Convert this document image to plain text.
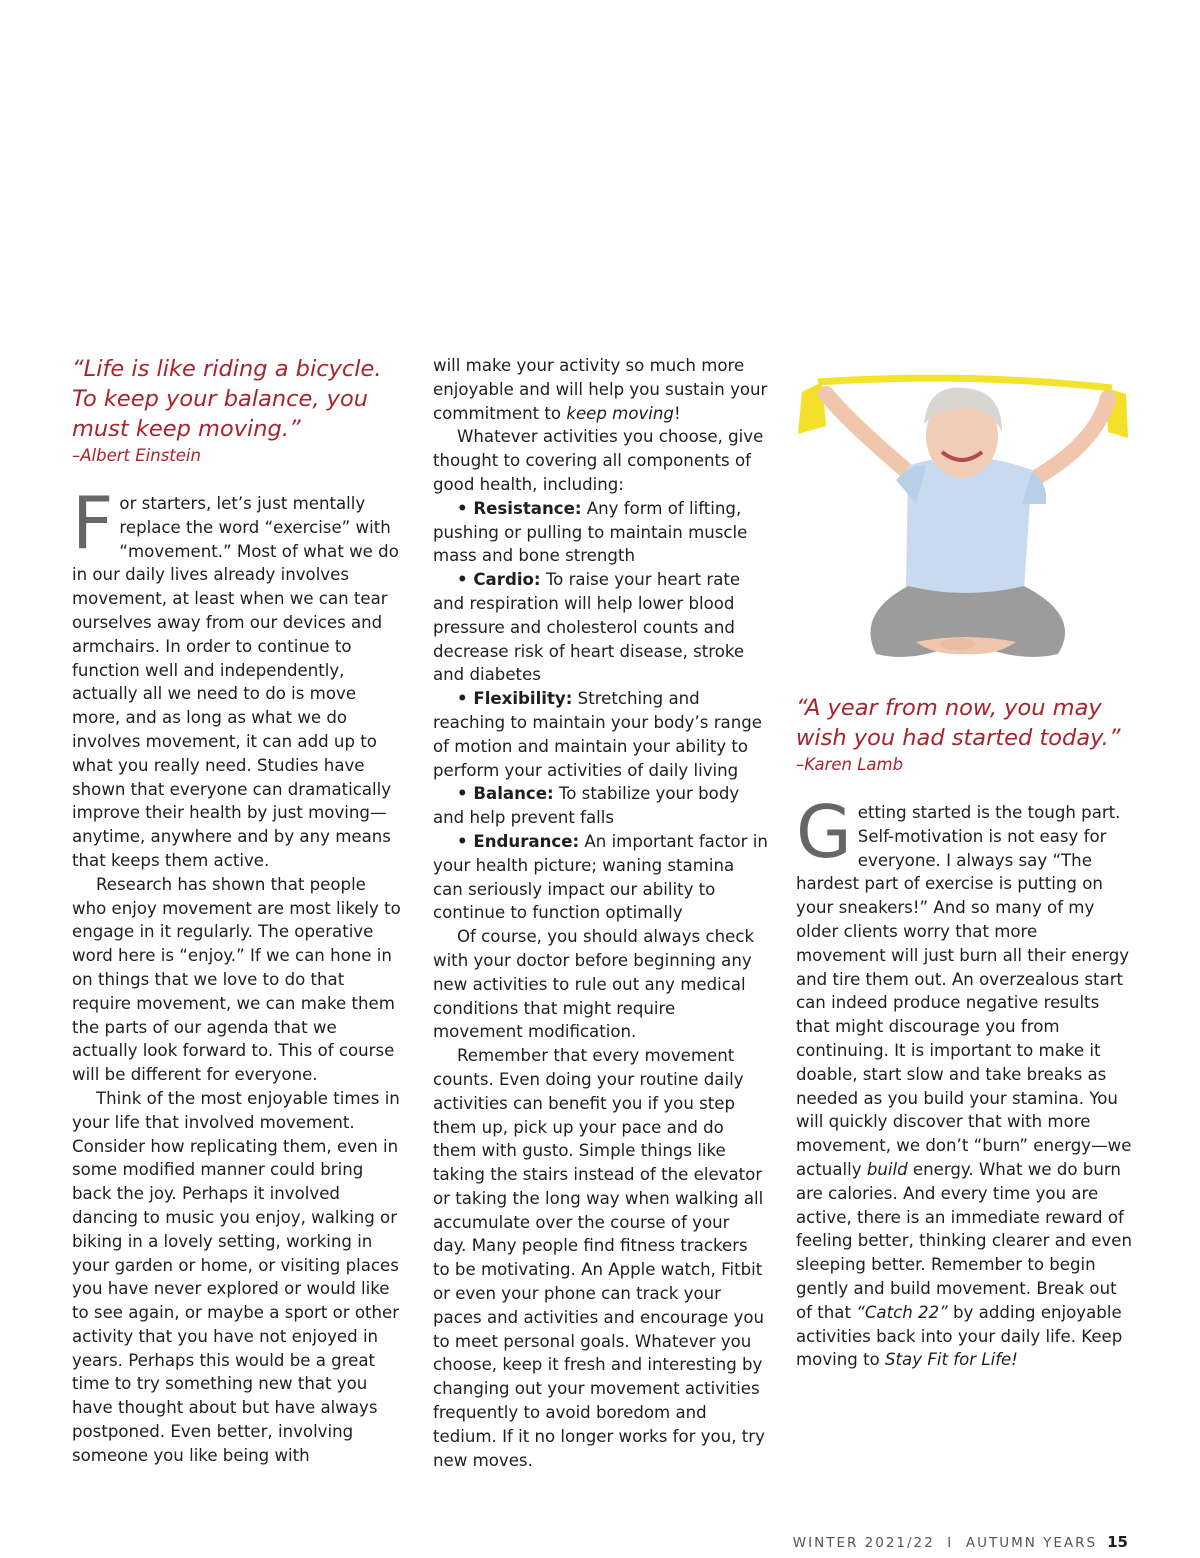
“Life is like riding a bicycle. To keep your balance, you must keep moving.”

–Albert Einstein

For starters, let’s just mentally replace the word “exercise” with “movement.” Most of what we do in our daily lives already involves movement, at least when we can tear ourselves away from our devices and armchairs. In order to continue to function well and independently, actually all we need to do is move more, and as long as what we do involves movement, it can add up to what you really need. Studies have shown that everyone can dramatically improve their health by just moving—anytime, anywhere and by any means that keeps them active.

Research has shown that people who enjoy movement are most likely to engage in it regularly. The operative word here is “enjoy.” If we can hone in on things that we love to do that require movement, we can make them the parts of our agenda that we actually look forward to. This of course will be different for everyone.

Think of the most enjoyable times in your life that involved movement. Consider how replicating them, even in some modified manner could bring back the joy. Perhaps it involved dancing to music you enjoy, walking or biking in a lovely setting, working in your garden or home, or visiting places you have never explored or would like to see again, or maybe a sport or other activity that you have not enjoyed in years. Perhaps this would be a great time to try something new that you have thought about but have always postponed. Even better, involving someone you like being with

will make your activity so much more enjoyable and will help you sustain your commitment to keep moving!

Whatever activities you choose, give thought to covering all components of good health, including:

• Resistance: Any form of lifting, pushing or pulling to maintain muscle mass and bone strength

• Cardio: To raise your heart rate and respiration will help lower blood pressure and cholesterol counts and decrease risk of heart disease, stroke and diabetes

• Flexibility: Stretching and reaching to maintain your body’s range of motion and maintain your ability to perform your activities of daily living

• Balance: To stabilize your body and help prevent falls

• Endurance: An important factor in your health picture; waning stamina can seriously impact our ability to continue to function optimally

Of course, you should always check with your doctor before beginning any new activities to rule out any medical conditions that might require movement modification.

Remember that every movement counts. Even doing your routine daily activities can benefit you if you step them up, pick up your pace and do them with gusto. Simple things like taking the stairs instead of the elevator or taking the long way when walking all accumulate over the course of your day. Many people find fitness trackers to be motivating. An Apple watch, Fitbit or even your phone can track your paces and activities and encourage you to meet personal goals. Whatever you choose, keep it fresh and interesting by changing out your movement activities frequently to avoid boredom and tedium. If it no longer works for you, try new moves.

“A year from now, you may wish you had started today.”

–Karen Lamb

Getting started is the tough part. Self-motivation is not easy for everyone. I always say “The hardest part of exercise is putting on your sneakers!” And so many of my older clients worry that more movement will just burn all their energy and tire them out. An overzealous start can indeed produce negative results that might discourage you from continuing. It is important to make it doable, start slow and take breaks as needed as you build your stamina. You will quickly discover that with more movement, we don’t “burn” energy—we actually build energy. What we do burn are calories. And every time you are active, there is an immediate reward of feeling better, thinking clearer and even sleeping better. Remember to begin gently and build movement. Break out of that “Catch 22” by adding enjoyable activities back into your daily life. Keep moving to Stay Fit for Life!

WINTER 2021/22  I  AUTUMN YEARS 15
